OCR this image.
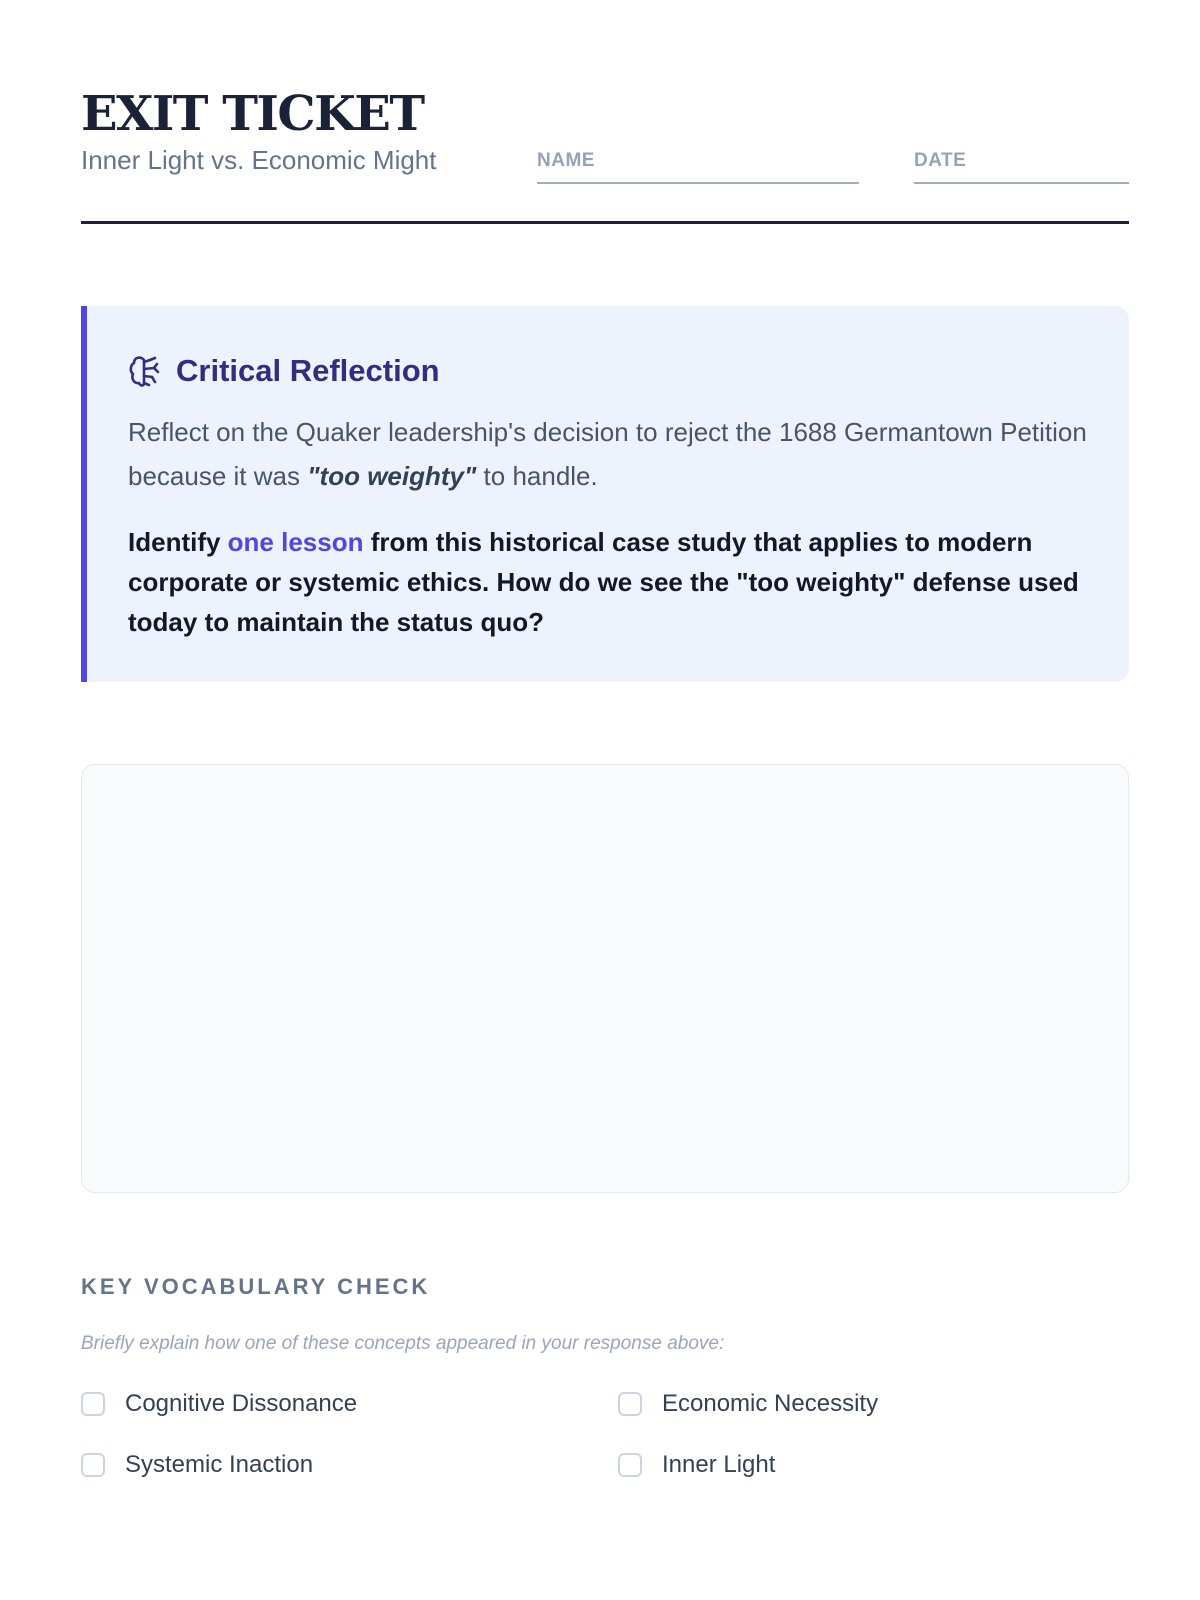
EXIT TICKET
Inner Light vs. Economic Might	NAME	DATE
Critical Reflection

Reflect on the Quaker leadership's decision to reject the 1688 Germantown Petition because it was "too weighty" to handle.

Identify one lesson from this historical case study that applies to modern corporate or systemic ethics. How do we see the "too weighty" defense used today to maintain the status quo?

KEY VOCABULARY CHECK
Briefly explain how one of these concepts appeared in your response above:
Cognitive Dissonance	Economic Necessity
Systemic Inaction	Inner Light
